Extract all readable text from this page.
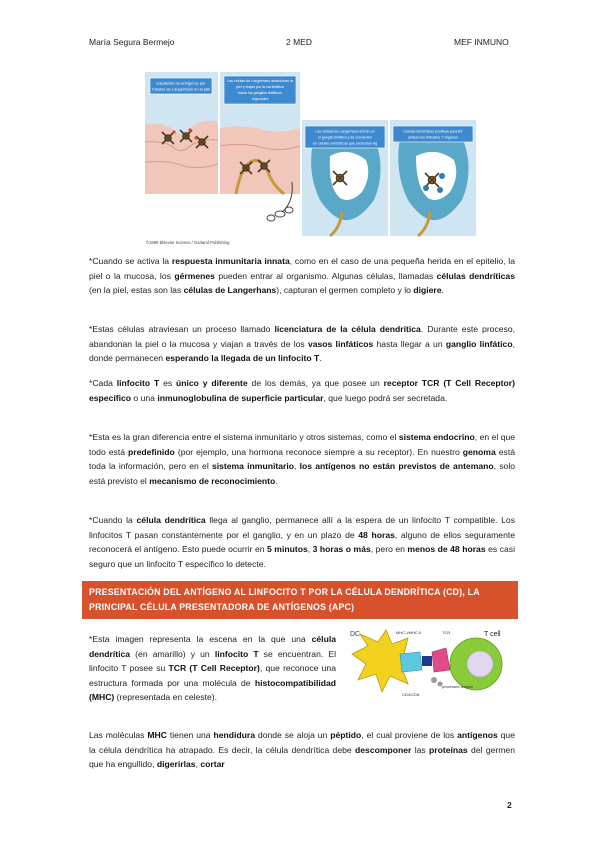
María Segura Bermejo	2 MED	MEF INMUNO
Captación de antígenos por
Células de Langerhans en la piel
Las células de Langerhans abandonan la
piel y viajan por la vía linfática
hasta los ganglios linfáticos
regionales
Las células de Langerhans entran en
el ganglio linfático y se convierten
en células dendríticas que presentan Ag
Células dendríticas positivas para B7
activan los linfocitos T vírgenes
©1999 Elsevier Science / Garland Publishing
*Cuando se activa la respuesta inmunitaria innata, como en el caso de una pequeña herida en el epitelio, la piel o la mucosa, los gérmenes pueden entrar al organismo. Algunas células, llamadas células dendríticas (en la piel, estas son las células de Langerhans), capturan el germen completo y lo digiere.
*Estas células atraviesan un proceso llamado licenciatura de la célula dendrítica. Durante este proceso, abandonan la piel o la mucosa y viajan a través de los vasos linfáticos hasta llegar a un ganglio linfático, donde permanecen esperando la llegada de un linfocito T.
*Cada linfocito T es único y diferente de los demás, ya que posee un receptor TCR (T Cell Receptor) específico o una inmunoglobulina de superficie particular, que luego podrá ser secretada.
*Esta es la gran diferencia entre el sistema inmunitario y otros sistemas, como el sistema endocrino, en el que todo está predefinido (por ejemplo, una hormona reconoce siempre a su receptor). En nuestro genoma está toda la información, pero en el sistema inmunitario, los antígenos no están previstos de antemano, solo está previsto el mecanismo de reconocimiento.
*Cuando la célula dendrítica llega al ganglio, permanece allí a la espera de un linfocito T compatible. Los linfocitos T pasan constantemente por el ganglio, y en un plazo de 48 horas, alguno de ellos seguramente reconocerá el antígeno. Esto puede ocurrir en 5 minutos, 3 horas o más, pero en menos de 48 horas es casi seguro que un linfocito T específico lo detecte.
PRESENTACIÓN DEL ANTÍGENO AL LINFOCITO T POR LA CÉLULA DENDRÍTICA (CD), LA PRINCIPAL CÉLULA PRESENTADORA DE ANTÍGENOS (APC)
*Esta imagen representa la escena en la que una célula dendrítica (en amarillo) y un linfocito T se encuentran. El linfocito T posee su TCR (T Cell Receptor), que reconoce una estructura formada por una molécula de histocompatibilidad (MHC) (representada en celeste).
DC	T cell
MHC-I/MHC-II	TCR
CD4/CD8
processed antigen
Las moléculas MHC tienen una hendidura donde se aloja un péptido, el cual proviene de los antígenos que la célula dendrítica ha atrapado. Es decir, la célula dendrítica debe descomponer las proteínas del germen que ha engullido, digerirlas, cortar
2
